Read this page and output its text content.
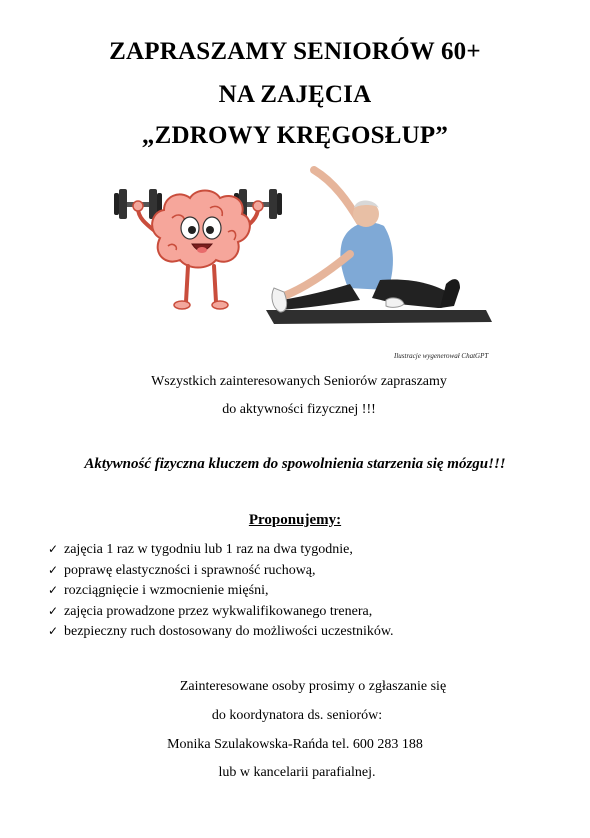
ZAPRASZAMY SENIORÓW 60+
NA ZAJĘCIA
„ZDROWY KRĘGOSŁUP”
Ilustracje wygenerował ChatGPT
Wszystkich zainteresowanych Seniorów zapraszamy
do aktywności fizycznej !!!
Aktywność fizyczna kluczem do spowolnienia starzenia się mózgu!!!
Proponujemy:
✓ zajęcia 1 raz w tygodniu lub 1 raz na dwa tygodnie,
✓ poprawę elastyczności i sprawność ruchową,
✓ rozciągnięcie i wzmocnienie mięśni,
✓ zajęcia prowadzone przez wykwalifikowanego trenera,
✓ bezpieczny ruch dostosowany do możliwości uczestników.
Zainteresowane osoby prosimy o zgłaszanie się
do koordynatora ds. seniorów:
Monika Szulakowska-Rańda tel. 600 283 188
lub w kancelarii parafialnej.
